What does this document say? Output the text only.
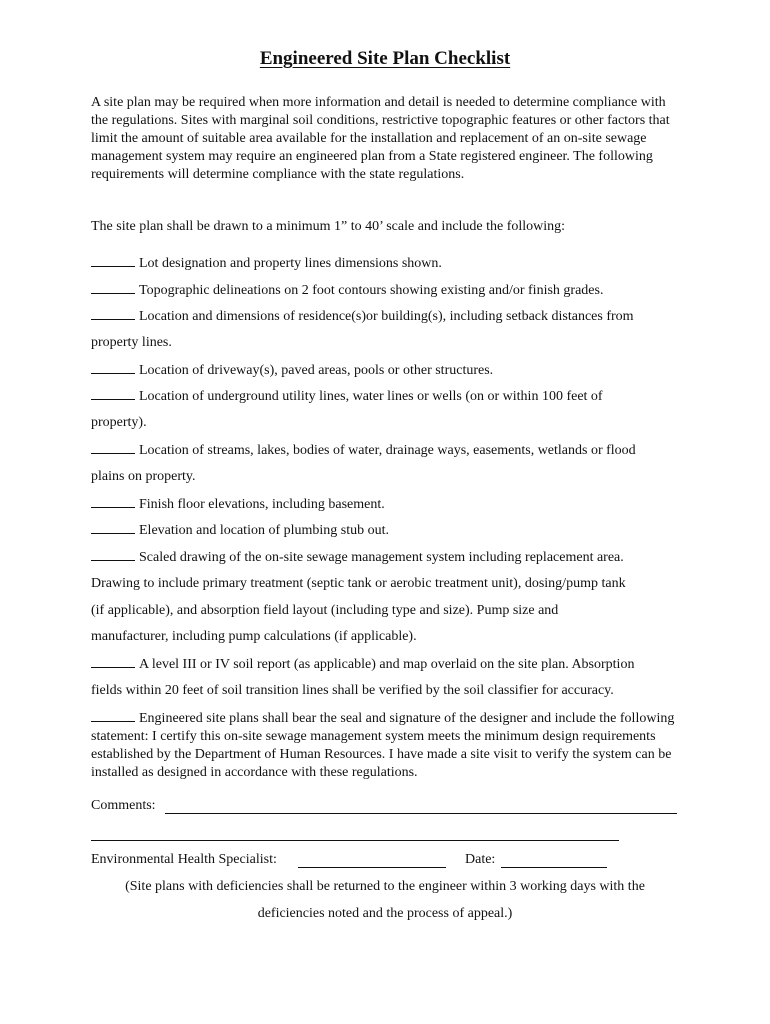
Engineered Site Plan Checklist

A site plan may be required when more information and detail is needed to determine compliance with the regulations. Sites with marginal soil conditions, restrictive topographic features or other factors that limit the amount of suitable area available for the installation and replacement of an on-site sewage management system may require an engineered plan from a State registered engineer. The following requirements will determine compliance with the state regulations.

The site plan shall be drawn to a minimum 1” to 40’ scale and include the following:

Lot designation and property lines dimensions shown.

Topographic delineations on 2 foot contours showing existing and/or finish grades.

Location and dimensions of residence(s)or building(s), including setback distances from

property lines.

Location of driveway(s), paved areas, pools or other structures.

Location of underground utility lines, water lines or wells (on or within 100 feet of

property).

Location of streams, lakes, bodies of water, drainage ways, easements, wetlands or flood

plains on property.

Finish floor elevations, including basement.

Elevation and location of plumbing stub out.

Scaled drawing of the on-site sewage management system including replacement area.

Drawing to include primary treatment (septic tank or aerobic treatment unit), dosing/pump tank

(if applicable), and absorption field layout (including type and size). Pump size and

manufacturer, including pump calculations (if applicable).

A level III or IV soil report (as applicable) and map overlaid on the site plan. Absorption

fields within 20 feet of soil transition lines shall be verified by the soil classifier for accuracy.

Engineered site plans shall bear the seal and signature of the designer and include the following statement: I certify this on-site sewage management system meets the minimum design requirements established by the Department of Human Resources. I have made a site visit to verify the system can be installed as designed in accordance with these regulations.

Comments:

Environmental Health Specialist:	Date:

(Site plans with deficiencies shall be returned to the engineer within 3 working days with the

deficiencies noted and the process of appeal.)
